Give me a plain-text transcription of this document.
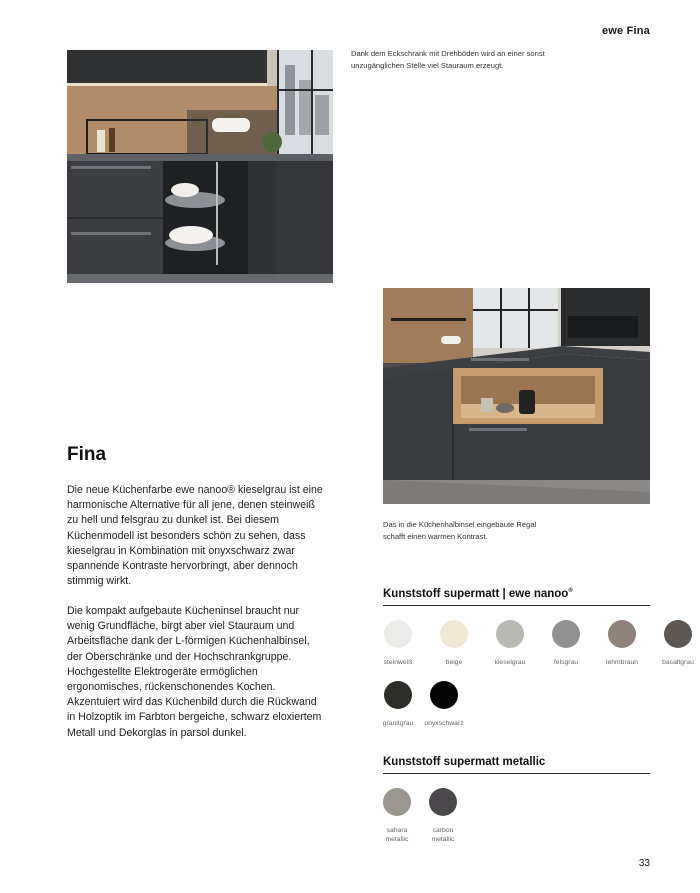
ewe Fina
Dank dem Eckschrank mit Drehböden wird an einer sonst unzugänglichen Stelle viel Stauraum erzeugt.
Das in die Küchenhalbinsel eingebaute Regal schafft einen warmen Kontrast.
Fina

Die neue Küchenfarbe ewe nanoo® kieselgrau ist eine harmonische Alternative für all jene, denen steinweiß zu hell und felsgrau zu dunkel ist. Bei diesem Küchenmodell ist besonders schön zu sehen, dass kieselgrau in Kombination mit onyxschwarz zwar spannende Kontraste hervorbringt, aber dennoch stimmig wirkt.

Die kompakt aufgebaute Kücheninsel braucht nur wenig Grundfläche, birgt aber viel Stauraum und Arbeitsfläche dank der L-förmigen Küchenhalbinsel, der Oberschränke und der Hochschrankgruppe. Hochgestellte Elektrogeräte ermöglichen ergonomisches, rückenschonendes Kochen. Akzentuiert wird das Küchenbild durch die Rückwand in Holzoptik im Farbton bergeiche, schwarz eloxiertem Metall und Dekorglas in parsol dunkel.

Kunststoff supermatt | ewe nanoo®
steinweiß	beige	kieselgrau	felsgrau	lehmbraun	basaltgrau
granitgrau onyxschwarz
Kunststoff supermatt metallic
sahara
metallic
carbon
metallic
33
